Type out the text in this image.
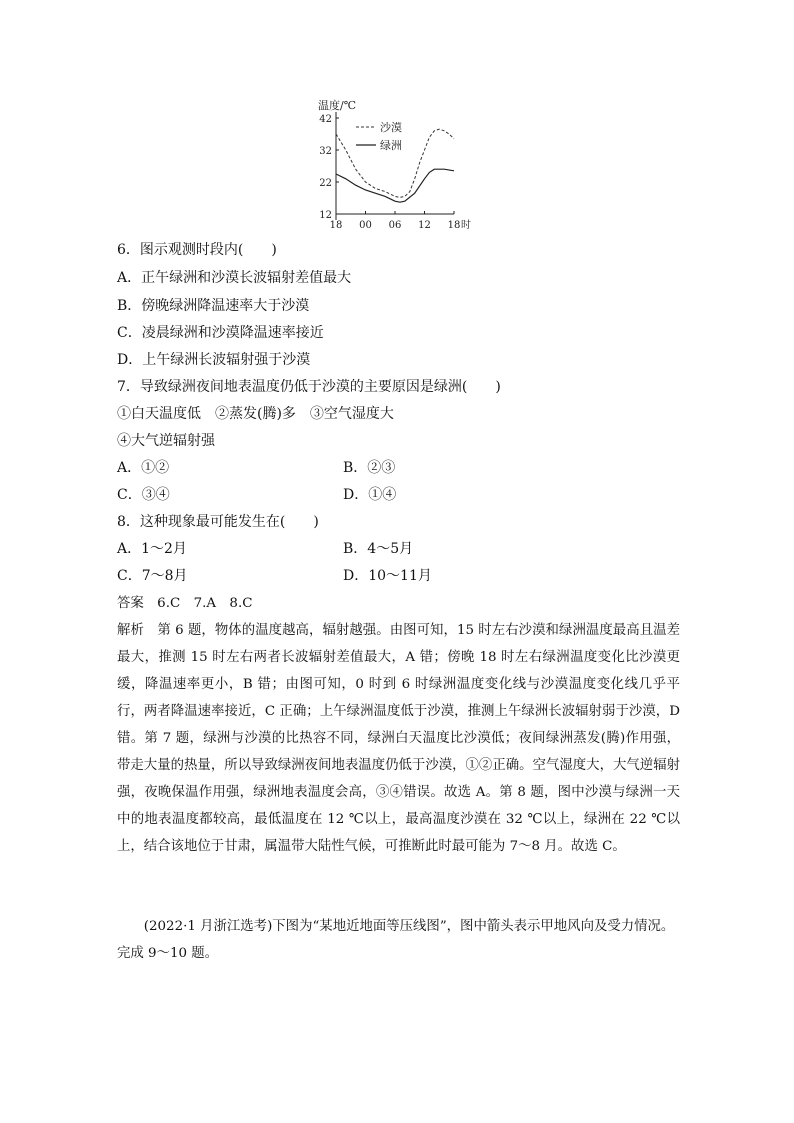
温度/℃
12
22
32
42
18 00 06 12 18 时
沙漠
绿洲
6．图示观测时段内(　　)
A．正午绿洲和沙漠长波辐射差值最大
B．傍晚绿洲降温速率大于沙漠
C．凌晨绿洲和沙漠降温速率接近
D．上午绿洲长波辐射强于沙漠
7．导致绿洲夜间地表温度仍低于沙漠的主要原因是绿洲(　　)
①白天温度低　②蒸发(腾)多　③空气湿度大
④大气逆辐射强
A．①②	B．②③
C．③④	D．①④
8．这种现象最可能发生在(　　)
A．1～2月	B．4～5月
C．7～8月	D．10～11月
答案　6.C　7.A　8.C
解析　第 6 题，物体的温度越高，辐射越强。由图可知，15 时左右沙漠和绿洲温度最高且温差最大，推测 15 时左右两者长波辐射差值最大，A 错；傍晚 18 时左右绿洲温度变化比沙漠更缓，降温速率更小，B 错；由图可知，0 时到 6 时绿洲温度变化线与沙漠温度变化线几乎平行，两者降温速率接近，C 正确；上午绿洲温度低于沙漠，推测上午绿洲长波辐射弱于沙漠，D 错。第 7 题，绿洲与沙漠的比热容不同，绿洲白天温度比沙漠低；夜间绿洲蒸发(腾)作用强，带走大量的热量，所以导致绿洲夜间地表温度仍低于沙漠，①②正确。空气湿度大，大气逆辐射强，夜晚保温作用强，绿洲地表温度会高，③④错误。故选 A。第 8 题，图中沙漠与绿洲一天中的地表温度都较高，最低温度在 12 ℃以上，最高温度沙漠在 32 ℃以上，绿洲在 22 ℃以上，结合该地位于甘肃，属温带大陆性气候，可推断此时最可能为 7～8 月。故选 C。
　　(2022·1 月浙江选考)下图为“某地近地面等压线图”，图中箭头表示甲地风向及受力情况。完成 9～10 题。
